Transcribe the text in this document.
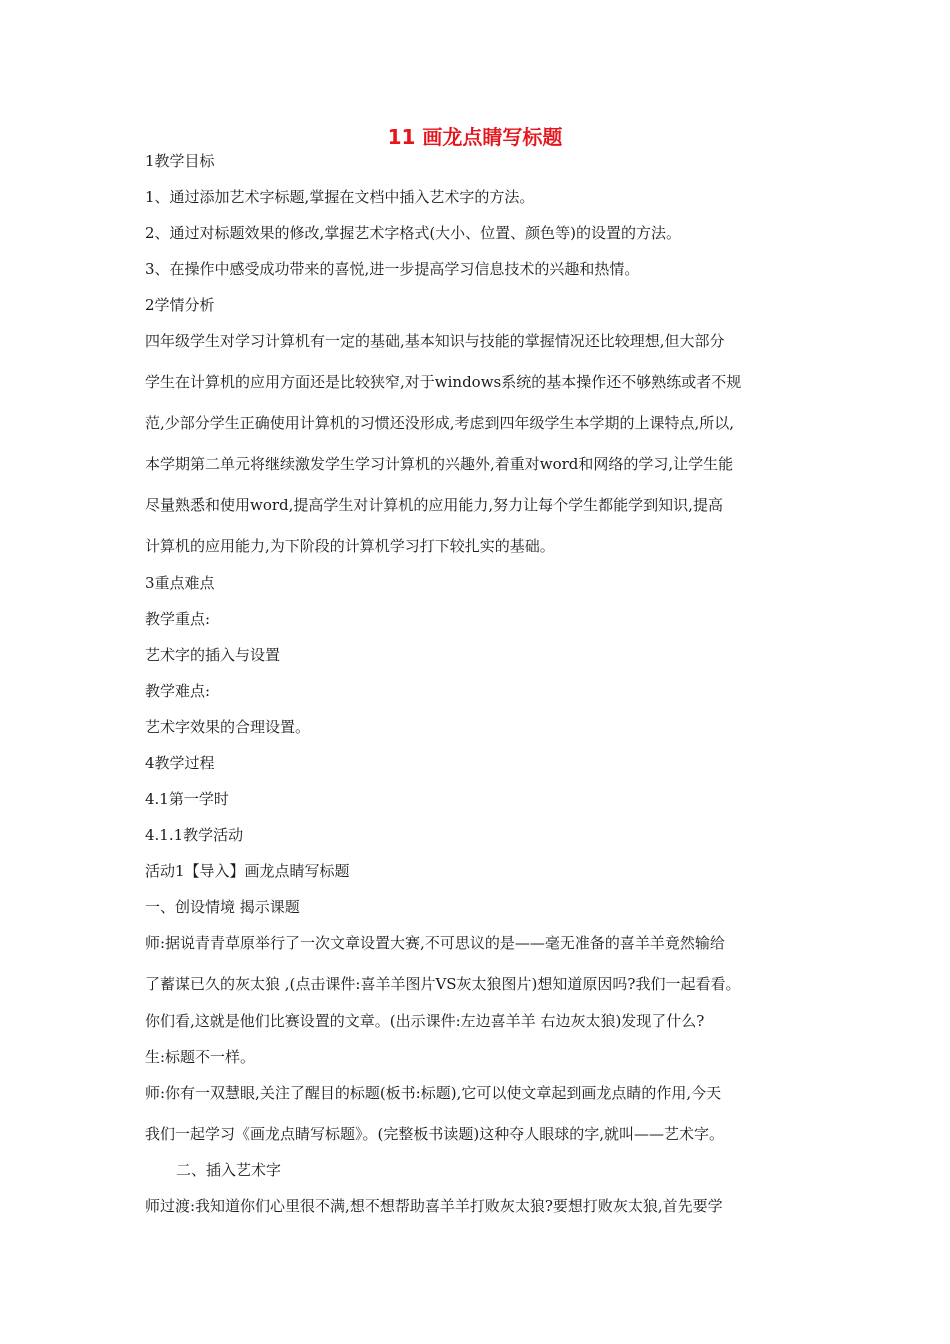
11 画龙点睛写标题

1教学目标

1、通过添加艺术字标题,掌握在文档中插入艺术字的方法。

2、通过对标题效果的修改,掌握艺术字格式(大小、位置、颜色等)的设置的方法。

3、在操作中感受成功带来的喜悦,进一步提高学习信息技术的兴趣和热情。

2学情分析

四年级学生对学习计算机有一定的基础,基本知识与技能的掌握情况还比较理想,但大部分

学生在计算机的应用方面还是比较狭窄,对于windows系统的基本操作还不够熟练或者不规

范,少部分学生正确使用计算机的习惯还没形成,考虑到四年级学生本学期的上课特点,所以,

本学期第二单元将继续激发学生学习计算机的兴趣外,着重对word和网络的学习,让学生能

尽量熟悉和使用word,提高学生对计算机的应用能力,努力让每个学生都能学到知识,提高

计算机的应用能力,为下阶段的计算机学习打下较扎实的基础。

3重点难点

教学重点:

艺术字的插入与设置

教学难点:

艺术字效果的合理设置。

4教学过程

4.1第一学时

4.1.1教学活动

活动1【导入】画龙点睛写标题

一、创设情境 揭示课题

师:据说青青草原举行了一次文章设置大赛,不可思议的是——毫无准备的喜羊羊竟然输给

了蓄谋已久的灰太狼 ,(点击课件:喜羊羊图片VS灰太狼图片)想知道原因吗?我们一起看看。

你们看,这就是他们比赛设置的文章。(出示课件:左边喜羊羊 右边灰太狼)发现了什么?

生:标题不一样。

师:你有一双慧眼,关注了醒目的标题(板书:标题),它可以使文章起到画龙点睛的作用,今天

我们一起学习《画龙点睛写标题》。(完整板书读题)这种夺人眼球的字,就叫——艺术字。

二、插入艺术字

师过渡:我知道你们心里很不满,想不想帮助喜羊羊打败灰太狼?要想打败灰太狼,首先要学
